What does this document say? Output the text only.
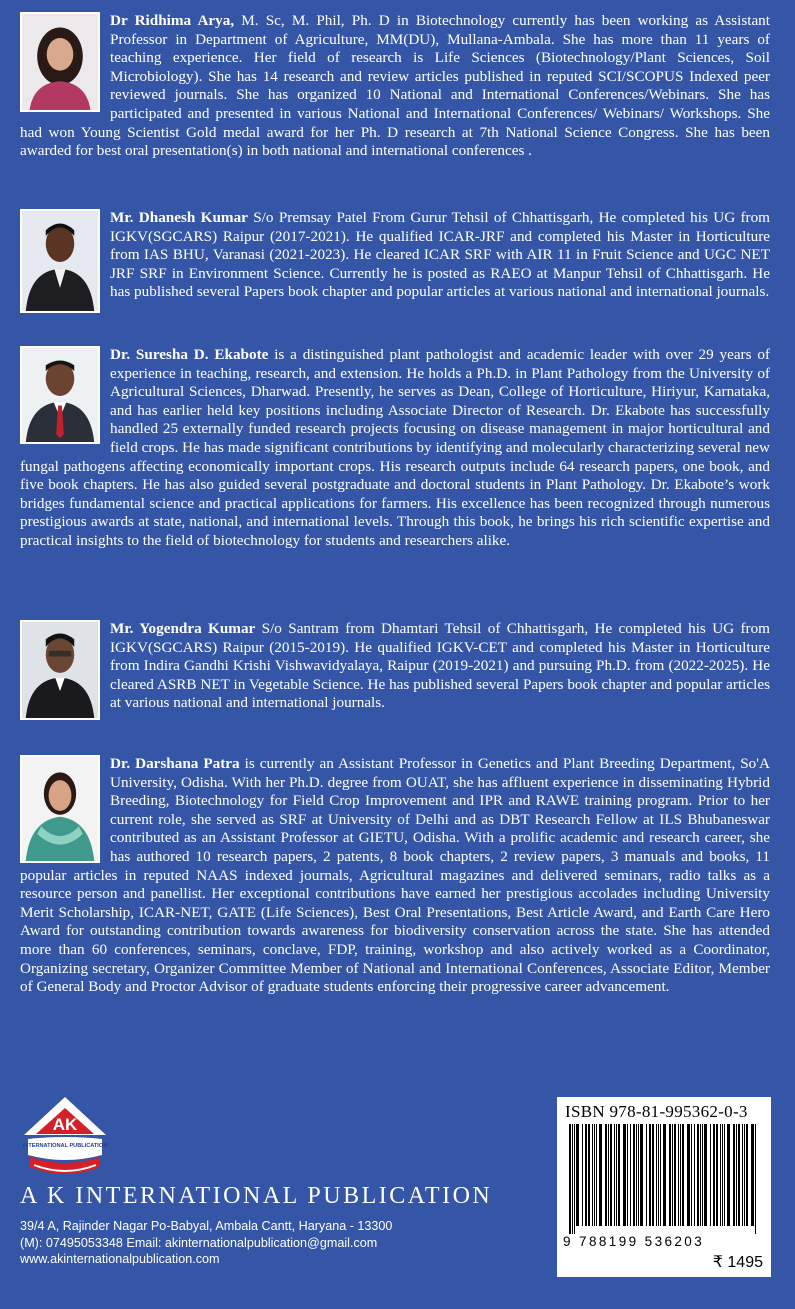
Dr Ridhima Arya, M. Sc, M. Phil, Ph. D in Biotechnology currently has been working as Assistant Professor in Department of Agriculture, MM(DU), Mullana-Ambala. She has more than 11 years of teaching experience. Her field of research is Life Sciences (Biotechnology/Plant Sciences, Soil Microbiology). She has 14 research and review articles published in reputed SCI/SCOPUS Indexed peer reviewed journals. She has organized 10 National and International Conferences/Webinars. She has participated and presented in various National and International Conferences/ Webinars/ Workshops. She had won Young Scientist Gold medal award for her Ph. D research at 7th National Science Congress. She has been awarded for best oral presentation(s) in both national and international conferences .

Mr. Dhanesh Kumar S/o Premsay Patel From Gurur Tehsil of Chhattisgarh, He completed his UG from IGKV(SGCARS) Raipur (2017-2021). He qualified ICAR-JRF and completed his Master in Horticulture from IAS BHU, Varanasi (2021-2023). He cleared ICAR SRF with AIR 11 in Fruit Science and UGC NET JRF SRF in Environment Science. Currently he is posted as RAEO at Manpur Tehsil of Chhattisgarh. He has published several Papers book chapter and popular articles at various national and international journals.

Dr. Suresha D. Ekabote is a distinguished plant pathologist and academic leader with over 29 years of experience in teaching, research, and extension. He holds a Ph.D. in Plant Pathology from the University of Agricultural Sciences, Dharwad. Presently, he serves as Dean, College of Horticulture, Hiriyur, Karnataka, and has earlier held key positions including Associate Director of Research. Dr. Ekabote has successfully handled 25 externally funded research projects focusing on disease management in major horticultural and field crops. He has made significant contributions by identifying and molecularly characterizing several new fungal pathogens affecting economically important crops. His research outputs include 64 research papers, one book, and five book chapters. He has also guided several postgraduate and doctoral students in Plant Pathology. Dr. Ekabote’s work bridges fundamental science and practical applications for farmers. His excellence has been recognized through numerous prestigious awards at state, national, and international levels. Through this book, he brings his rich scientific expertise and practical insights to the field of biotechnology for students and researchers alike.

Mr. Yogendra Kumar S/o Santram from Dhamtari Tehsil of Chhattisgarh, He completed his UG from IGKV(SGCARS) Raipur (2015-2019). He qualified IGKV-CET and completed his Master in Horticulture from Indira Gandhi Krishi Vishwavidyalaya, Raipur (2019-2021) and pursuing Ph.D. from (2022-2025). He cleared ASRB NET in Vegetable Science. He has published several Papers book chapter and popular articles at various national and international journals.

Dr. Darshana Patra is currently an Assistant Professor in Genetics and Plant Breeding Department, So'A University, Odisha. With her Ph.D. degree from OUAT, she has affluent experience in disseminating Hybrid Breeding, Biotechnology for Field Crop Improvement and IPR and RAWE training program. Prior to her current role, she served as SRF at University of Delhi and as DBT Research Fellow at ILS Bhubaneswar contributed as an Assistant Professor at GIETU, Odisha. With a prolific academic and research career, she has authored 10 research papers, 2 patents, 8 book chapters, 2 review papers, 3 manuals and books, 11 popular articles in reputed NAAS indexed journals, Agricultural magazines and delivered seminars, radio talks as a resource person and panellist. Her exceptional contributions have earned her prestigious accolades including University Merit Scholarship, ICAR-NET, GATE (Life Sciences), Best Oral Presentations, Best Article Award, and Earth Care Hero Award for outstanding contribution towards awareness for biodiversity conservation across the state. She has attended more than 60 conferences, seminars, conclave, FDP, training, workshop and also actively worked as a Coordinator, Organizing secretary, Organizer Committee Member of National and International Conferences, Associate Editor, Member of General Body and Proctor Advisor of graduate students enforcing their progressive career advancement.

AK
INTERNATIONAL PUBLICATION
A K INTERNATIONAL PUBLICATION
39/4 A, Rajinder Nagar Po-Babyal, Ambala Cantt, Haryana - 13300
(M): 07495053348 Email: akinternationalpublication@gmail.com
www.akinternationalpublication.com

ISBN 978-81-995362-0-3

9 788199 536203

₹ 1495
